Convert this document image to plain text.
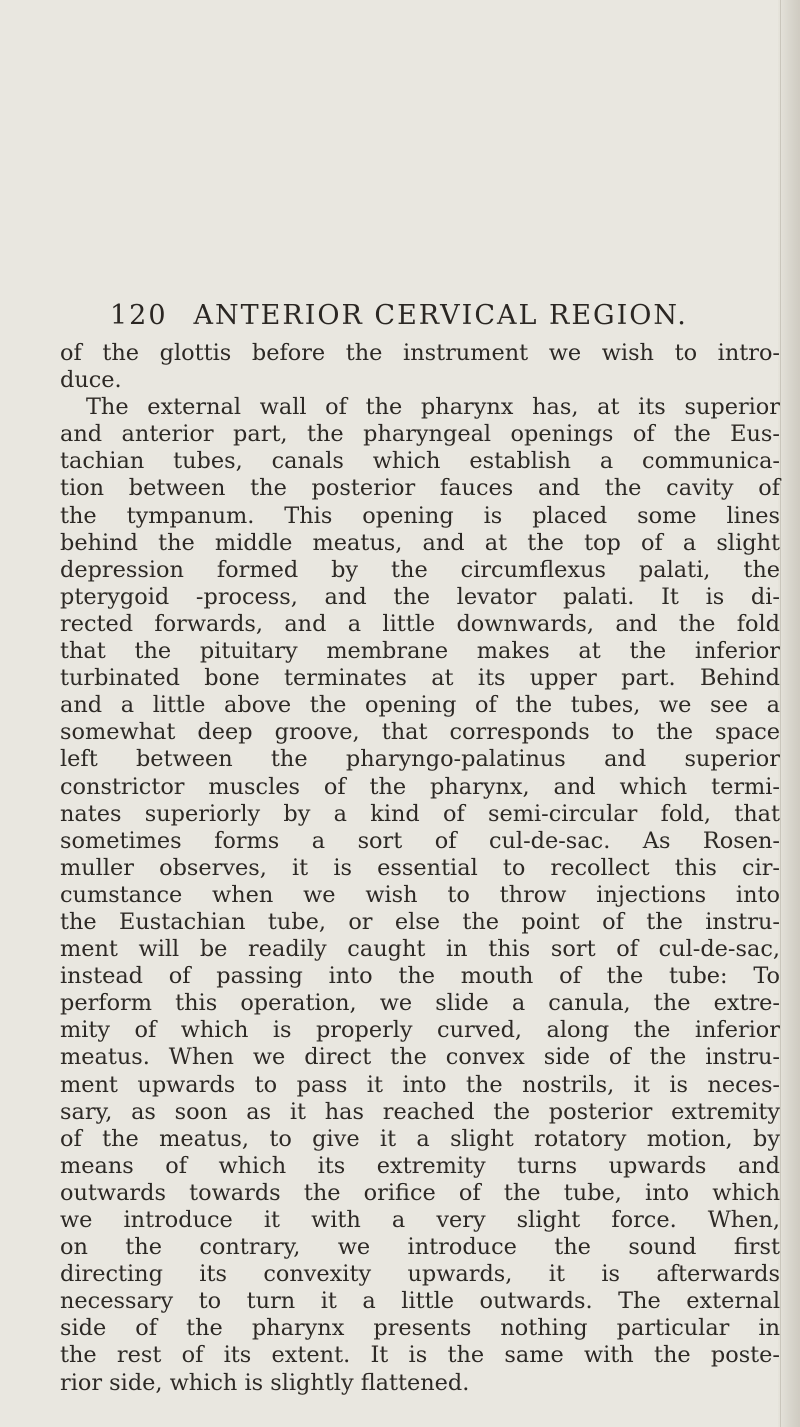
120 ANTERIOR CERVICAL REGION.
of the glottis before the instrument we wish to intro-
duce.
The external wall of the pharynx has, at its superior
and anterior part, the pharyngeal openings of the Eus-
tachian tubes, canals which establish a communica-
tion between the posterior fauces and the cavity of
the tympanum. This opening is placed some lines
behind the middle meatus, and at the top of a slight
depression formed by the circumflexus palati, the
pterygoid -process, and the levator palati. It is di-
rected forwards, and a little downwards, and the fold
that the pituitary membrane makes at the inferior
turbinated bone terminates at its upper part. Behind
and a little above the opening of the tubes, we see a
somewhat deep groove, that corresponds to the space
left between the pharyngo-palatinus and superior
constrictor muscles of the pharynx, and which termi-
nates superiorly by a kind of semi-circular fold, that
sometimes forms a sort of cul-de-sac. As Rosen-
muller observes, it is essential to recollect this cir-
cumstance when we wish to throw injections into
the Eustachian tube, or else the point of the instru-
ment will be readily caught in this sort of cul-de-sac,
instead of passing into the mouth of the tube: To
perform this operation, we slide a canula, the extre-
mity of which is properly curved, along the inferior
meatus. When we direct the convex side of the instru-
ment upwards to pass it into the nostrils, it is neces-
sary, as soon as it has reached the posterior extremity
of the meatus, to give it a slight rotatory motion, by
means of which its extremity turns upwards and
outwards towards the orifice of the tube, into which
we introduce it with a very slight force. When,
on the contrary, we introduce the sound first
directing its convexity upwards, it is afterwards
necessary to turn it a little outwards. The external
side of the pharynx presents nothing particular in
the rest of its extent. It is the same with the poste-
rior side, which is slightly flattened.
